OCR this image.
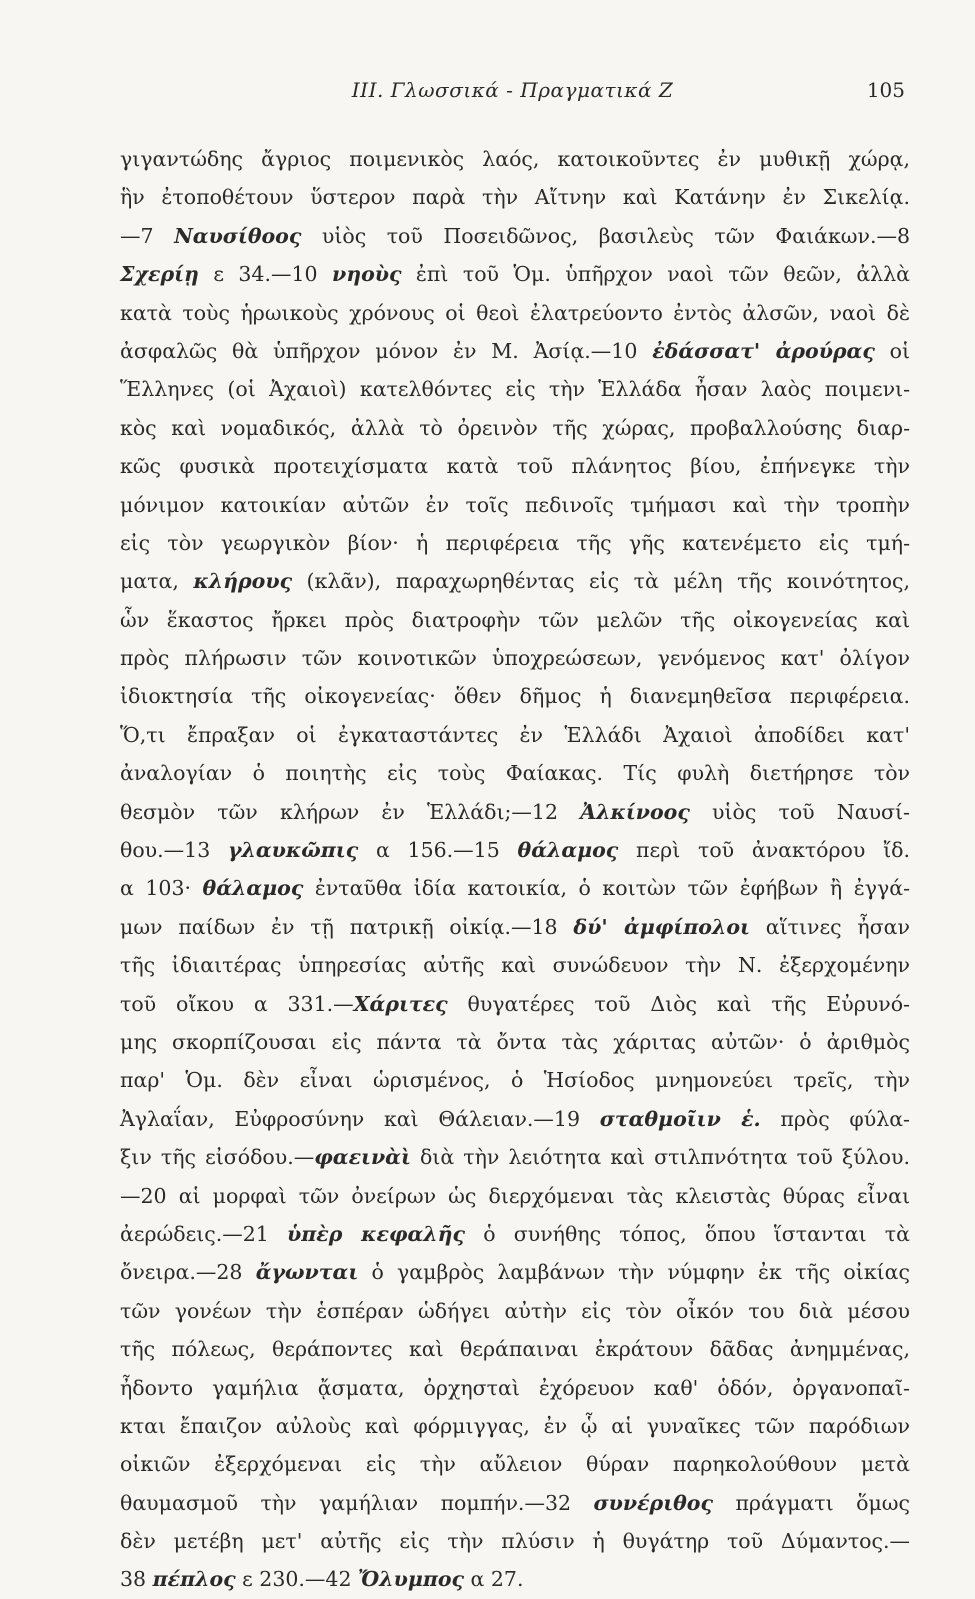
III. Γλωσσικά - Πραγματικά Ζ	105
γιγαντώδης ἄγριος ποιμενικὸς λαός, κατοικοῦντες ἐν μυθικῇ χώρᾳ,
ἣν ἐτοποθέτουν ὕστερον παρὰ τὴν Αἴτνην καὶ Κατάνην ἐν Σικελίᾳ.
—7 Ναυσίθοος υἱὸς τοῦ Ποσειδῶνος, βασιλεὺς τῶν Φαιάκων.—8
Σχερίῃ ε 34.—10 νηοὺς ἐπὶ τοῦ Ὁμ. ὑπῆρχον ναοὶ τῶν θεῶν, ἀλλὰ
κατὰ τοὺς ἡρωικοὺς χρόνους οἱ θεοὶ ἐλατρεύοντο ἐντὸς ἀλσῶν, ναοὶ δὲ
ἀσφαλῶς θὰ ὑπῆρχον μόνον ἐν Μ. Ἀσίᾳ.—10 ἐδάσσατ' ἀρούρας οἱ
Ἕλληνες (οἱ Ἀχαιοὶ) κατελθόντες εἰς τὴν Ἑλλάδα ἦσαν λαὸς ποιμενι-
κὸς καὶ νομαδικός, ἀλλὰ τὸ ὀρεινὸν τῆς χώρας, προβαλλούσης διαρ-
κῶς φυσικὰ προτειχίσματα κατὰ τοῦ πλάνητος βίου, ἐπήνεγκε τὴν
μόνιμον κατοικίαν αὐτῶν ἐν τοῖς πεδινοῖς τμήμασι καὶ τὴν τροπὴν
εἰς τὸν γεωργικὸν βίον· ἡ περιφέρεια τῆς γῆς κατενέμετο εἰς τμή-
ματα, κλήρους (κλᾶν), παραχωρηθέντας εἰς τὰ μέλη τῆς κοινότητος,
ὧν ἕκαστος ἤρκει πρὸς διατροφὴν τῶν μελῶν τῆς οἰκογενείας καὶ
πρὸς πλήρωσιν τῶν κοινοτικῶν ὑποχρεώσεων, γενόμενος κατ' ὀλίγον
ἰδιοκτησία τῆς οἰκογενείας· ὅθεν δῆμος ἡ διανεμηθεῖσα περιφέρεια.
Ὅ,τι ἔπραξαν οἱ ἐγκαταστάντες ἐν Ἑλλάδι Ἀχαιοὶ ἀποδίδει κατ'
ἀναλογίαν ὁ ποιητὴς εἰς τοὺς Φαίακας. Τίς φυλὴ διετήρησε τὸν
θεσμὸν τῶν κλήρων ἐν Ἑλλάδι;—12 Ἀλκίνοος υἱὸς τοῦ Ναυσί-
θου.—13 γλαυκῶπις α 156.—15 θάλαμος περὶ τοῦ ἀνακτόρου ἴδ.
α 103· θάλαμος ἐνταῦθα ἰδία κατοικία, ὁ κοιτὼν τῶν ἐφήβων ἢ ἐγγά-
μων παίδων ἐν τῇ πατρικῇ οἰκίᾳ.—18 δύ' ἀμφίπολοι αἵτινες ἦσαν
τῆς ἰδιαιτέρας ὑπηρεσίας αὐτῆς καὶ συνώδευον τὴν Ν. ἐξερχομένην
τοῦ οἴκου α 331.—Χάριτες θυγατέρες τοῦ Διὸς καὶ τῆς Εὐρυνό-
μης σκορπίζουσαι εἰς πάντα τὰ ὄντα τὰς χάριτας αὐτῶν· ὁ ἀριθμὸς
παρ' Ὁμ. δὲν εἶναι ὡρισμένος, ὁ Ἡσίοδος μνημονεύει τρεῖς, τὴν
Ἀγλαΐαν, Εὐφροσύνην καὶ Θάλειαν.—19 σταθμοῖιν ἑ. πρὸς φύλα-
ξιν τῆς εἰσόδου.—φαεινὰὶ διὰ τὴν λειότητα καὶ στιλπνότητα τοῦ ξύλου.
—20 αἱ μορφαὶ τῶν ὀνείρων ὡς διερχόμεναι τὰς κλειστὰς θύρας εἶναι
ἀερώδεις.—21 ὑπὲρ κεφαλῆς ὁ συνήθης τόπος, ὅπου ἵστανται τὰ
ὄνειρα.—28 ἄγωνται ὁ γαμβρὸς λαμβάνων τὴν νύμφην ἐκ τῆς οἰκίας
τῶν γονέων τὴν ἑσπέραν ὡδήγει αὐτὴν εἰς τὸν οἶκόν του διὰ μέσου
τῆς πόλεως, θεράποντες καὶ θεράπαιναι ἐκράτουν δᾶδας ἀνημμένας,
ἦδοντο γαμήλια ᾄσματα, ὀρχησταὶ ἐχόρευον καθ' ὁδόν, ὀργανοπαῖ-
κται ἔπαιζον αὐλοὺς καὶ φόρμιγγας, ἐν ᾧ αἱ γυναῖκες τῶν παρόδιων
οἰκιῶν ἐξερχόμεναι εἰς τὴν αὔλειον θύραν παρηκολούθουν μετὰ
θαυμασμοῦ τὴν γαμήλιαν πομπήν.—32 συνέριθος πράγματι ὅμως
δὲν μετέβη μετ' αὐτῆς εἰς τὴν πλύσιν ἡ θυγάτηρ τοῦ Δύμαντος.—
38 πέπλος ε 230.—42 Ὄλυμπος α 27.
